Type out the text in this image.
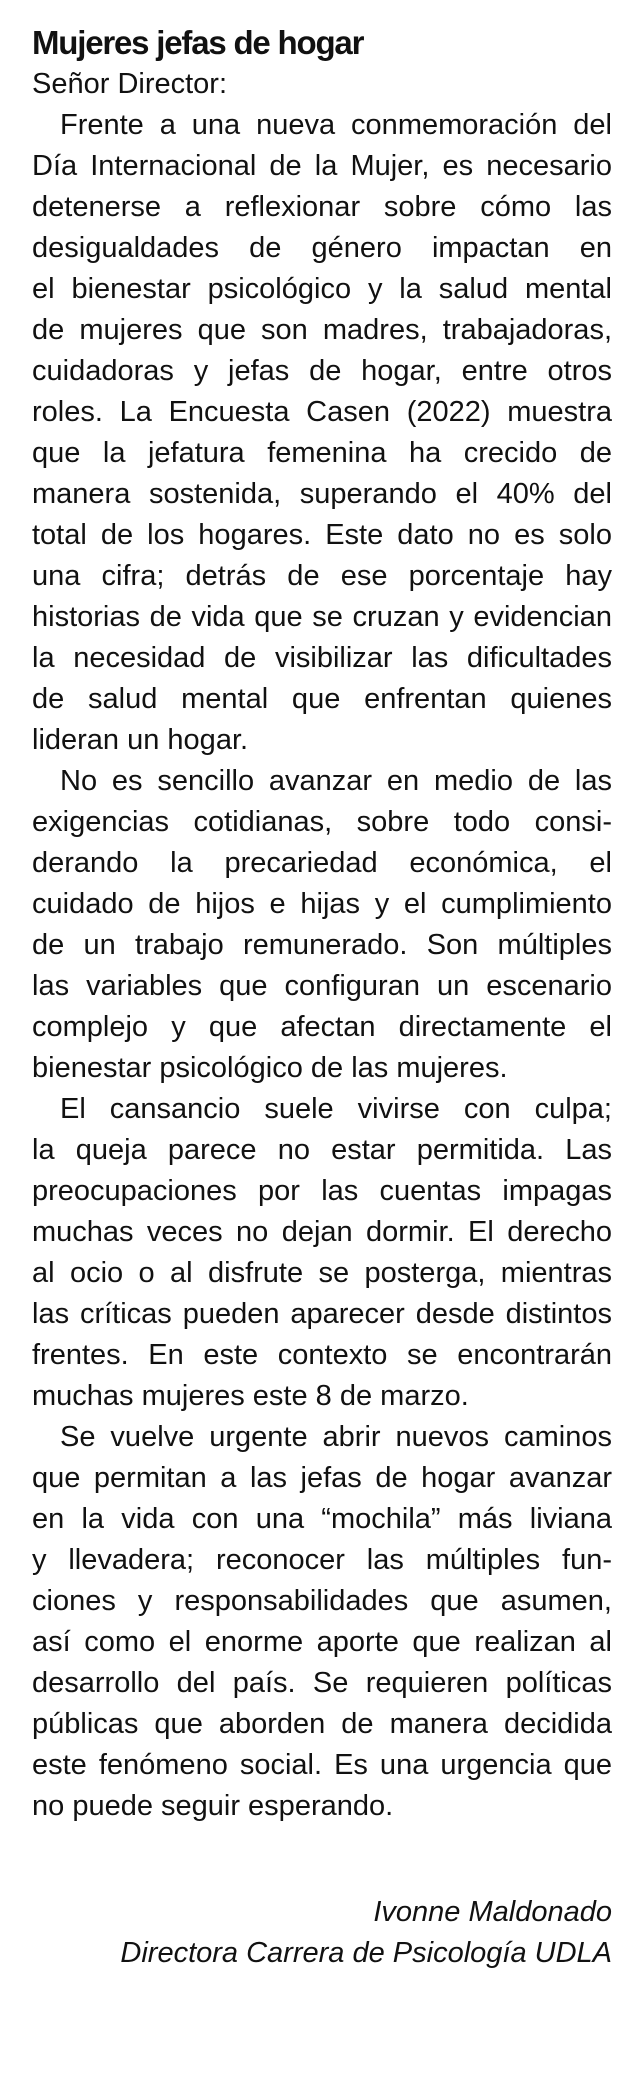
Mujeres jefas de hogar

Señor Director:

Frente a una nueva conmemoración del
Día Internacional de la Mujer, es necesario
detenerse a reflexionar sobre cómo las
desigualdades de género impactan en
el bienestar psicológico y la salud mental
de mujeres que son madres, trabajadoras,
cuidadoras y jefas de hogar, entre otros
roles. La Encuesta Casen (2022) muestra
que la jefatura femenina ha crecido de
manera sostenida, superando el 40% del
total de los hogares. Este dato no es solo
una cifra; detrás de ese porcentaje hay
historias de vida que se cruzan y evidencian
la necesidad de visibilizar las dificultades
de salud mental que enfrentan quienes
lideran un hogar.
No es sencillo avanzar en medio de las
exigencias cotidianas, sobre todo consi-
derando la precariedad económica, el
cuidado de hijos e hijas y el cumplimiento
de un trabajo remunerado. Son múltiples
las variables que configuran un escenario
complejo y que afectan directamente el
bienestar psicológico de las mujeres.
El cansancio suele vivirse con culpa;
la queja parece no estar permitida. Las
preocupaciones por las cuentas impagas
muchas veces no dejan dormir. El derecho
al ocio o al disfrute se posterga, mientras
las críticas pueden aparecer desde distintos
frentes. En este contexto se encontrarán
muchas mujeres este 8 de marzo.
Se vuelve urgente abrir nuevos caminos
que permitan a las jefas de hogar avanzar
en la vida con una “mochila” más liviana
y llevadera; reconocer las múltiples fun-
ciones y responsabilidades que asumen,
así como el enorme aporte que realizan al
desarrollo del país. Se requieren políticas
públicas que aborden de manera decidida
este fenómeno social. Es una urgencia que
no puede seguir esperando.
Ivonne Maldonado
Directora Carrera de Psicología UDLA
